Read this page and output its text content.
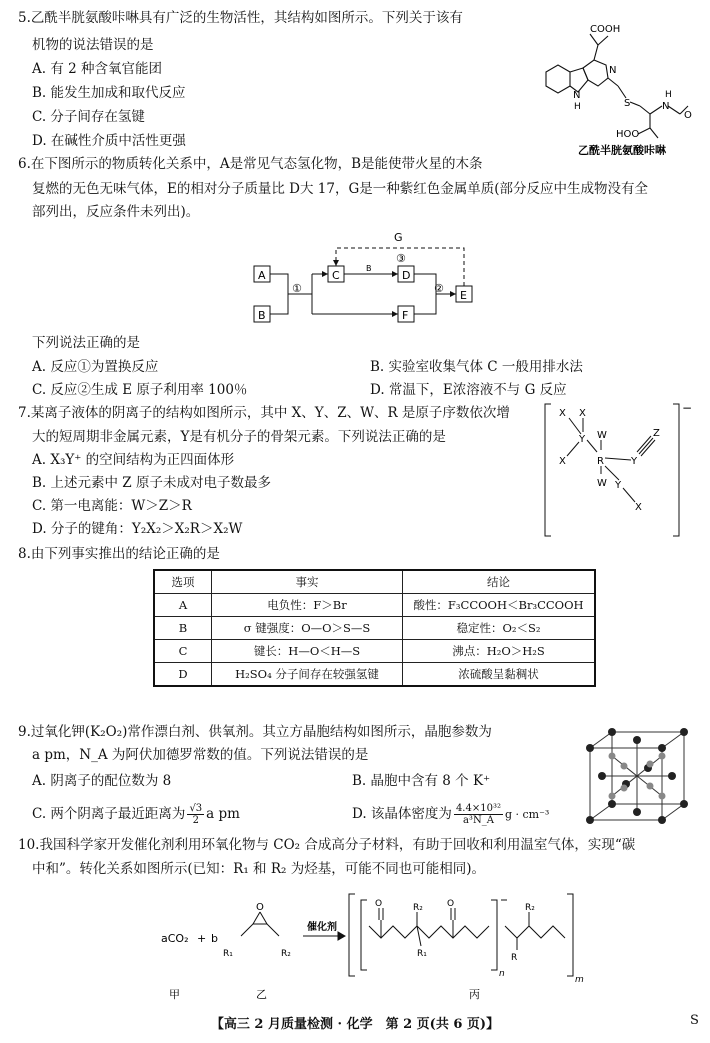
5.乙酰半胱氨酸咔啉具有广泛的生物活性，其结构如图所示。下列关于该有
机物的说法错误的是
A. 有 2 种含氧官能团
B. 能发生加成和取代反应
C. 分子间存在氢键
D. 在碱性介质中活性更强
COOH
N
N
H	S
H
N
HOO
O
乙酰半胱氨酸咔啉
6.在下图所示的物质转化关系中，A是常见气态氢化物，B是能使带火星的木条
复燃的无色无味气体，E的相对分子质量比 D大 17，G是一种紫红色金属单质(部分反应中生成物没有全
部列出，反应条件未列出)。
A
B
C	D
F
E
G
①	②
③
B
下列说法正确的是
A. 反应①为置换反应	B. 实验室收集气体 C 一般用排水法
C. 反应②生成 E 原子利用率 100％	D. 常温下，E浓溶液不与 G 反应
7.某离子液体的阴离子的结构如图所示，其中 X、Y、Z、W、R 是原子序数依次增
大的短周期非金属元素，Y是有机分子的骨架元素。下列说法正确的是
A. X₃Y⁺ 的空间结构为正四面体形
B. 上述元素中 Z 原子未成对电子数最多
C. 第一电离能：W＞Z＞R
D. 分子的键角：Y₂X₂＞X₂R＞X₂W
X X
Y
X
W
R
W
Y
Z
Y
X
−
8.由下列事实推出的结论正确的是
选项	事实	结论
A	电负性：F＞Br	酸性：F₃CCOOH＜Br₃CCOOH
B	σ 键强度：O—O＞S—S	稳定性：O₂＜S₂
C	键长：H—O＜H—S	沸点：H₂O＞H₂S
D	H₂SO₄ 分子间存在较强氢键	浓硫酸呈黏稠状
9.过氧化钾(K₂O₂)常作漂白剂、供氧剂。其立方晶胞结构如图所示，晶胞参数为
a pm，N_A 为阿伏加德罗常数的值。下列说法错误的是
A. 阴离子的配位数为 8	B. 晶胞中含有 8 个 K⁺
C. 两个阴离子最近距离为 $\frac{√3}{2}$ a pm	D. 该晶体密度为 $\frac{\text{4.4×10³²}}{\text{a³N\_A}}$ g · cm⁻³
10.我国科学家开发催化剂利用环氧化物与 CO₂ 合成高分子材料，有助于回收和利用温室气体，实现“碳
中和”。转化关系如图所示(已知：R₁ 和 R₂ 为烃基，可能不同也可能相同)。
aCO₂ + b
R₁	R₂
O
催化剂
O	O
R₂
R₁
R₂
R
n
m
甲	乙	丙
【高三 2 月质量检测 · 化学　第 2 页(共 6 页)】	S
